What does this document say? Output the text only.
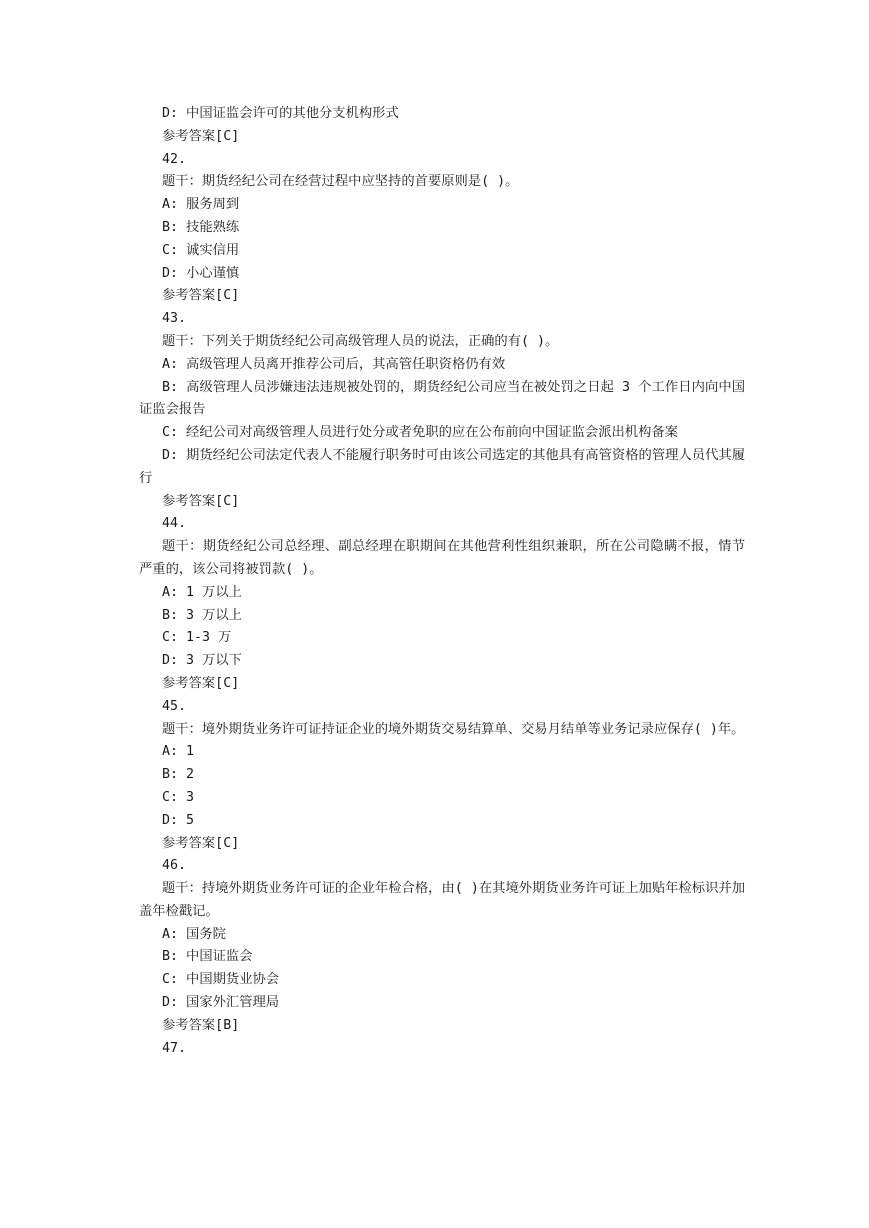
D: 中国证监会许可的其他分支机构形式
参考答案[C]
42.
题干：期货经纪公司在经营过程中应坚持的首要原则是( )。
A: 服务周到
B: 技能熟练
C: 诚实信用
D: 小心谨慎
参考答案[C]
43.
题干：下列关于期货经纪公司高级管理人员的说法，正确的有( )。
A: 高级管理人员离开推荐公司后，其高管任职资格仍有效
B: 高级管理人员涉嫌违法违规被处罚的，期货经纪公司应当在被处罚之日起 3 个工作日内向中国证监会报告
C: 经纪公司对高级管理人员进行处分或者免职的应在公布前向中国证监会派出机构备案
D: 期货经纪公司法定代表人不能履行职务时可由该公司选定的其他具有高管资格的管理人员代其履行
参考答案[C]
44.
题干：期货经纪公司总经理、副总经理在职期间在其他营利性组织兼职，所在公司隐瞒不报，情节严重的，该公司将被罚款( )。
A: 1 万以上
B: 3 万以上
C: 1-3 万
D: 3 万以下
参考答案[C]
45.
题干：境外期货业务许可证持证企业的境外期货交易结算单、交易月结单等业务记录应保存( )年。
A: 1
B: 2
C: 3
D: 5
参考答案[C]
46.
题干：持境外期货业务许可证的企业年检合格，由( )在其境外期货业务许可证上加贴年检标识并加盖年检戳记。
A: 国务院
B: 中国证监会
C: 中国期货业协会
D: 国家外汇管理局
参考答案[B]
47.
